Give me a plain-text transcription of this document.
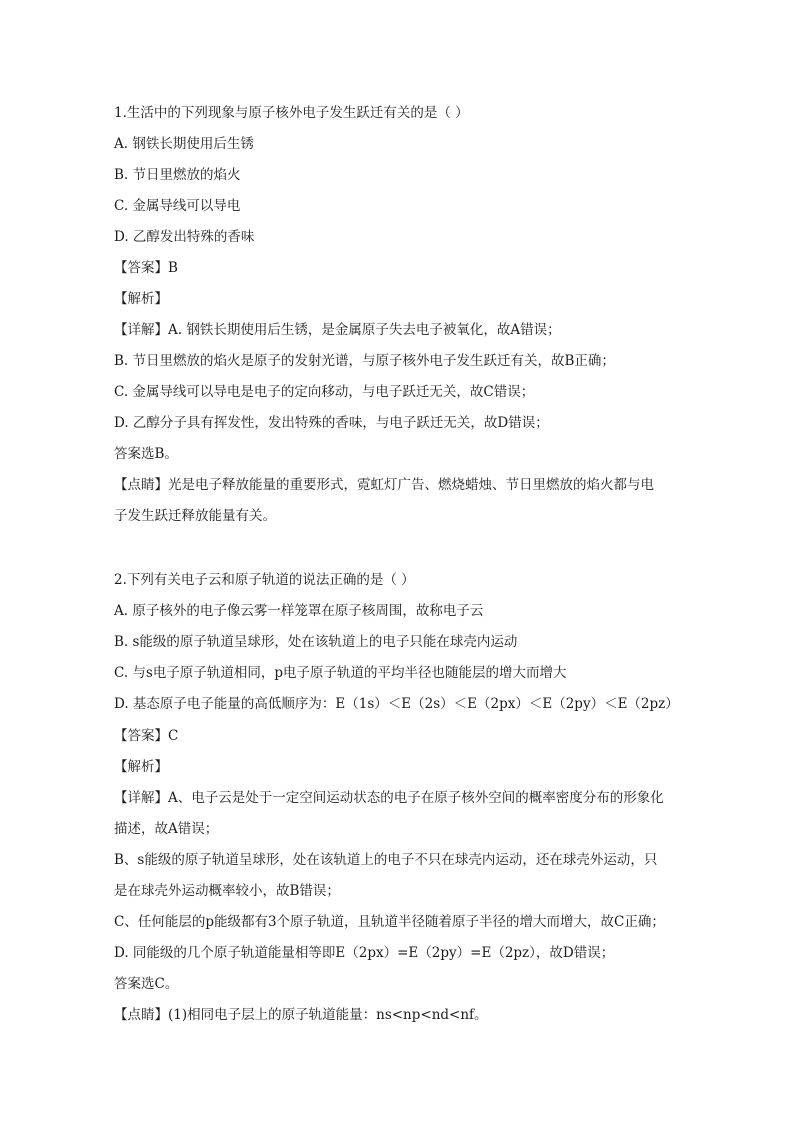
1.生活中的下列现象与原子核外电子发生跃迁有关的是（ ）
A. 钢铁长期使用后生锈
B. 节日里燃放的焰火
C. 金属导线可以导电
D. 乙醇发出特殊的香味
【答案】B
【解析】
【详解】A. 钢铁长期使用后生锈，是金属原子失去电子被氧化，故A错误；
B. 节日里燃放的焰火是原子的发射光谱，与原子核外电子发生跃迁有关，故B正确；
C. 金属导线可以导电是电子的定向移动，与电子跃迁无关，故C错误；
D. 乙醇分子具有挥发性，发出特殊的香味，与电子跃迁无关，故D错误；
答案选B。
【点睛】光是电子释放能量的重要形式，霓虹灯广告、燃烧蜡烛、节日里燃放的焰火都与电
子发生跃迁释放能量有关。
2.下列有关电子云和原子轨道的说法正确的是（ ）
A. 原子核外的电子像云雾一样笼罩在原子核周围，故称电子云
B. s能级的原子轨道呈球形，处在该轨道上的电子只能在球壳内运动
C. 与s电子原子轨道相同，p电子原子轨道的平均半径也随能层的增大而增大
D. 基态原子电子能量的高低顺序为：E（1s）＜E（2s）＜E（2px）＜E（2py）＜E（2pz）
【答案】C
【解析】
【详解】A、电子云是处于一定空间运动状态的电子在原子核外空间的概率密度分布的形象化
描述，故A错误；
B、s能级的原子轨道呈球形，处在该轨道上的电子不只在球壳内运动，还在球壳外运动，只
是在球壳外运动概率较小，故B错误；
C、任何能层的p能级都有3个原子轨道，且轨道半径随着原子半径的增大而增大，故C正确；
D. 同能级的几个原子轨道能量相等即E（2px）=E（2py）=E（2pz），故D错误；
答案选C。
【点睛】(1)相同电子层上的原子轨道能量：ns<np<nd<nf。
